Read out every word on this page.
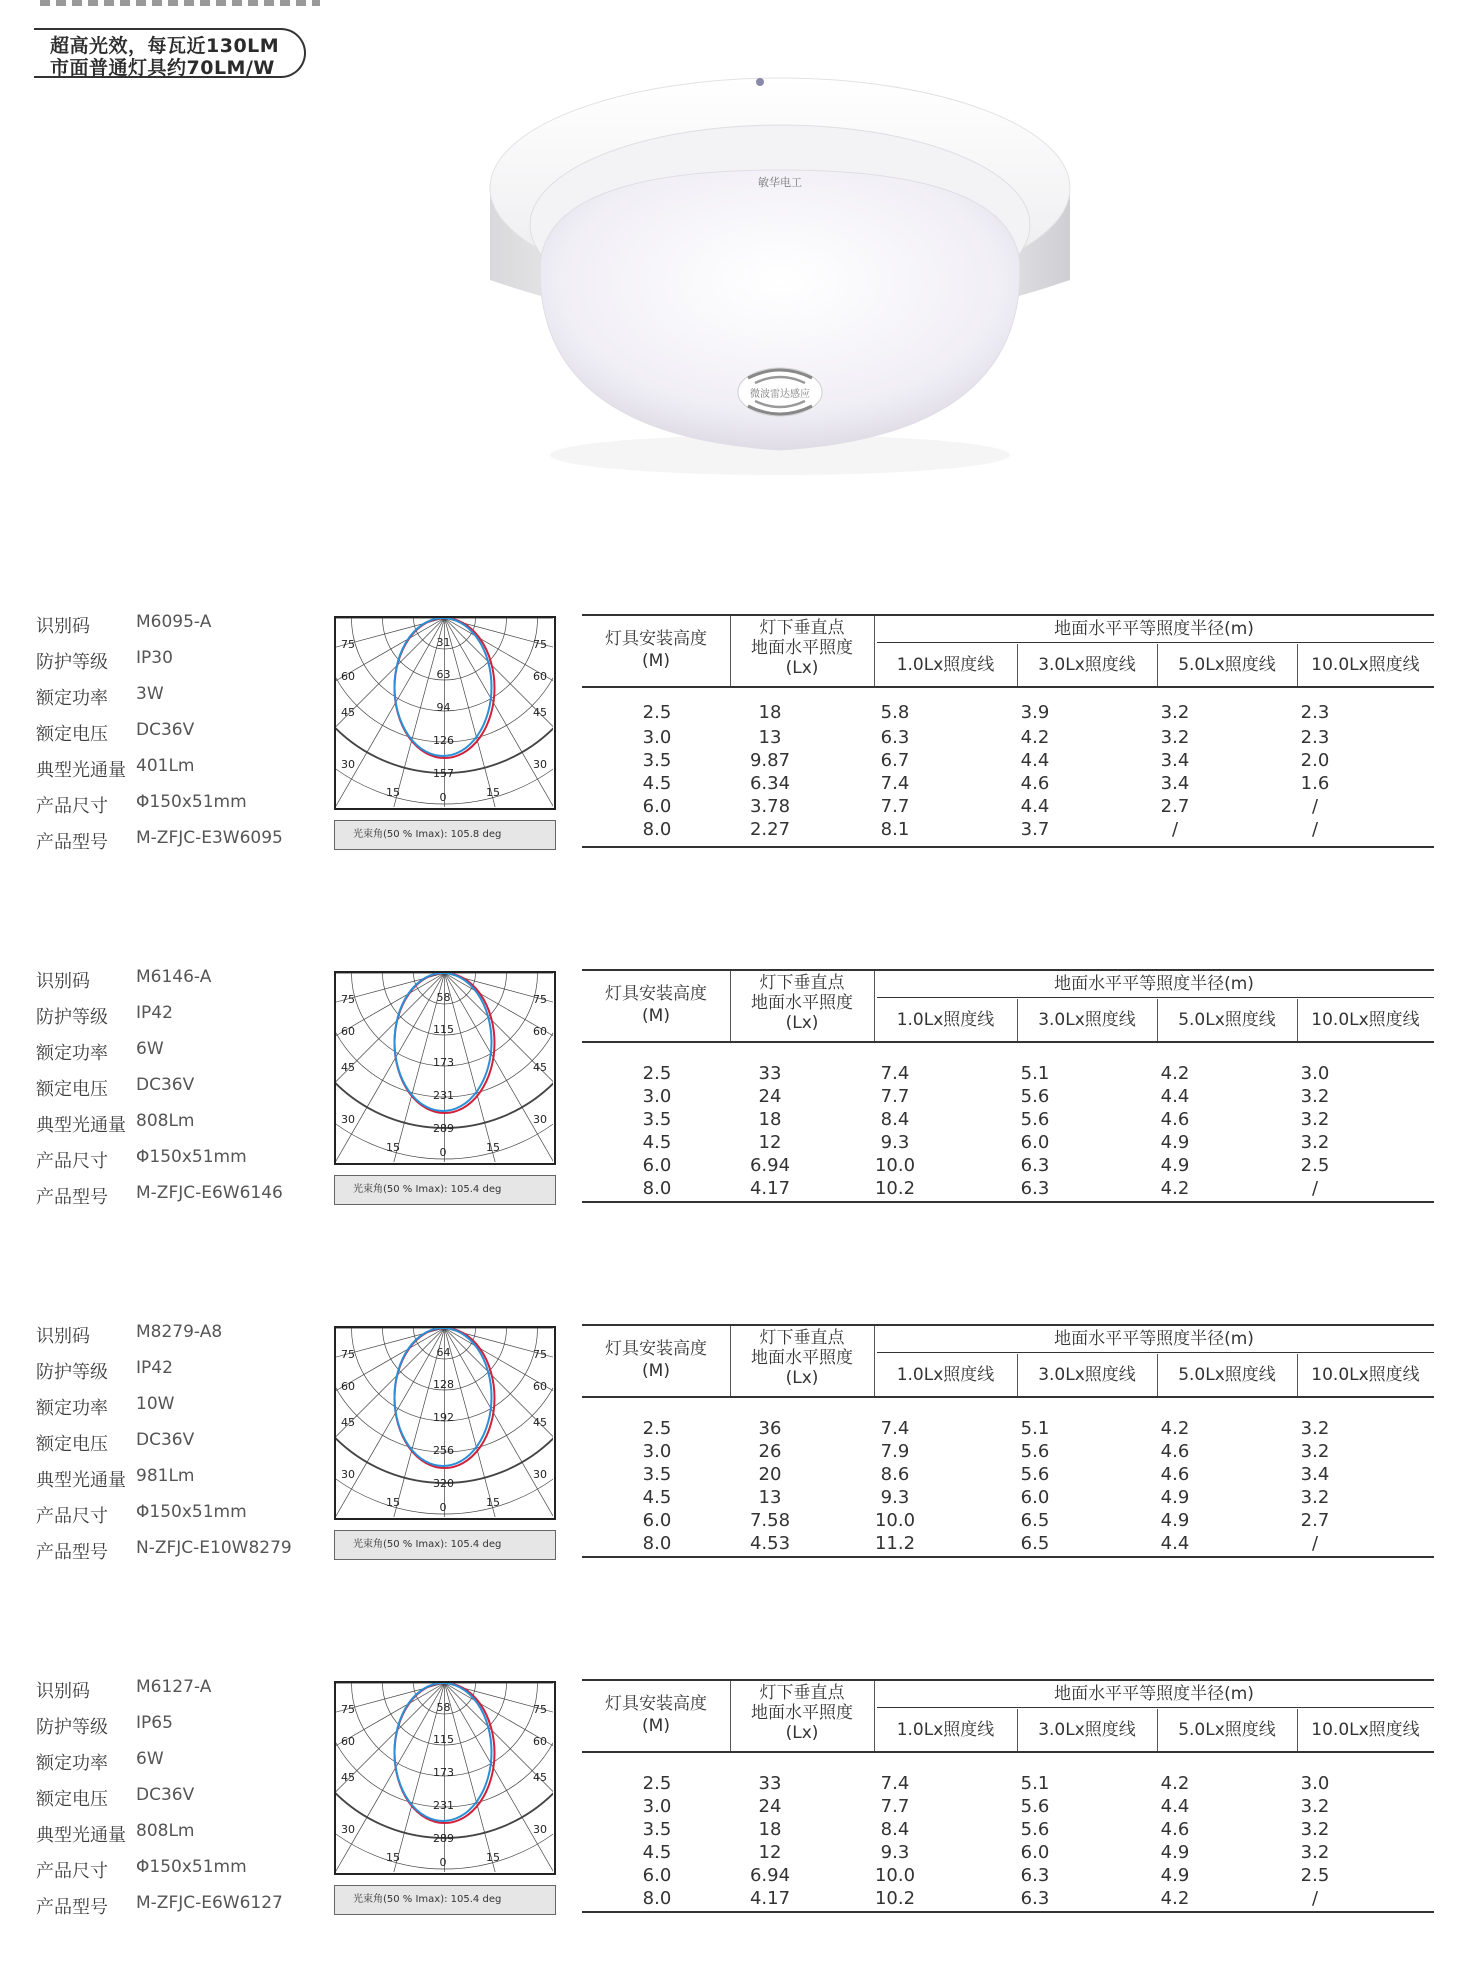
超高光效，每瓦近130LM
市面普通灯具约70LM/W
敏华电工
微波雷达感应
识别码	M6095-A
防护等级 IP30
额定功率 3W
额定电压 DC36V
典型光通量 401Lm
产品尺寸 Φ150x51mm
产品型号 M-ZFJC-E3W6095
75
60
45
30
15	0	15
30
45
60
75
31
63
94
126
157
光束角(50 % Imax): 105.8 deg
灯具安装高度
(M)
灯下垂直点
地面水平照度
(Lx)
地面水平平等照度半径(m)
1.0Lx照度线	3.0Lx照度线	5.0Lx照度线	10.0Lx照度线
2.5	18	5.8	3.9	3.2	2.3
3.0	13	6.3	4.2	3.2	2.3
3.5	9.87	6.7	4.4	3.4	2.0
4.5	6.34	7.4	4.6	3.4	1.6
6.0	3.78	7.7	4.4	2.7	/
8.0	2.27	8.1	3.7	/	/
识别码	M6146-A
防护等级 IP42
额定功率 6W
额定电压 DC36V
典型光通量 808Lm
产品尺寸 Φ150x51mm
产品型号 M-ZFJC-E6W6146
75
60
45
30
15	0	15
30
45
60
75
58
115
173
231
289
光束角(50 % Imax): 105.4 deg
灯具安装高度
(M)
灯下垂直点
地面水平照度
(Lx)
地面水平平等照度半径(m)
1.0Lx照度线	3.0Lx照度线	5.0Lx照度线	10.0Lx照度线
2.5	33	7.4	5.1	4.2	3.0
3.0	24	7.7	5.6	4.4	3.2
3.5	18	8.4	5.6	4.6	3.2
4.5	12	9.3	6.0	4.9	3.2
6.0	6.94	10.0	6.3	4.9	2.5
8.0	4.17	10.2	6.3	4.2	/
识别码	M8279-A8
防护等级 IP42
额定功率 10W
额定电压 DC36V
典型光通量 981Lm
产品尺寸 Φ150x51mm
产品型号 N-ZFJC-E10W8279
75
60
45
30
15	0	15
30
45
60
75
64
128
192
256
320
光束角(50 % Imax): 105.4 deg
灯具安装高度
(M)
灯下垂直点
地面水平照度
(Lx)
地面水平平等照度半径(m)
1.0Lx照度线	3.0Lx照度线	5.0Lx照度线	10.0Lx照度线
2.5	36	7.4	5.1	4.2	3.2
3.0	26	7.9	5.6	4.6	3.2
3.5	20	8.6	5.6	4.6	3.4
4.5	13	9.3	6.0	4.9	3.2
6.0	7.58	10.0	6.5	4.9	2.7
8.0	4.53	11.2	6.5	4.4	/
识别码	M6127-A
防护等级 IP65
额定功率 6W
额定电压 DC36V
典型光通量 808Lm
产品尺寸 Φ150x51mm
产品型号 M-ZFJC-E6W6127
75
60
45
30
15	0	15
30
45
60
75
58
115
173
231
289
光束角(50 % Imax): 105.4 deg
灯具安装高度
(M)
灯下垂直点
地面水平照度
(Lx)
地面水平平等照度半径(m)
1.0Lx照度线	3.0Lx照度线	5.0Lx照度线	10.0Lx照度线
2.5	33	7.4	5.1	4.2	3.0
3.0	24	7.7	5.6	4.4	3.2
3.5	18	8.4	5.6	4.6	3.2
4.5	12	9.3	6.0	4.9	3.2
6.0	6.94	10.0	6.3	4.9	2.5
8.0	4.17	10.2	6.3	4.2	/
